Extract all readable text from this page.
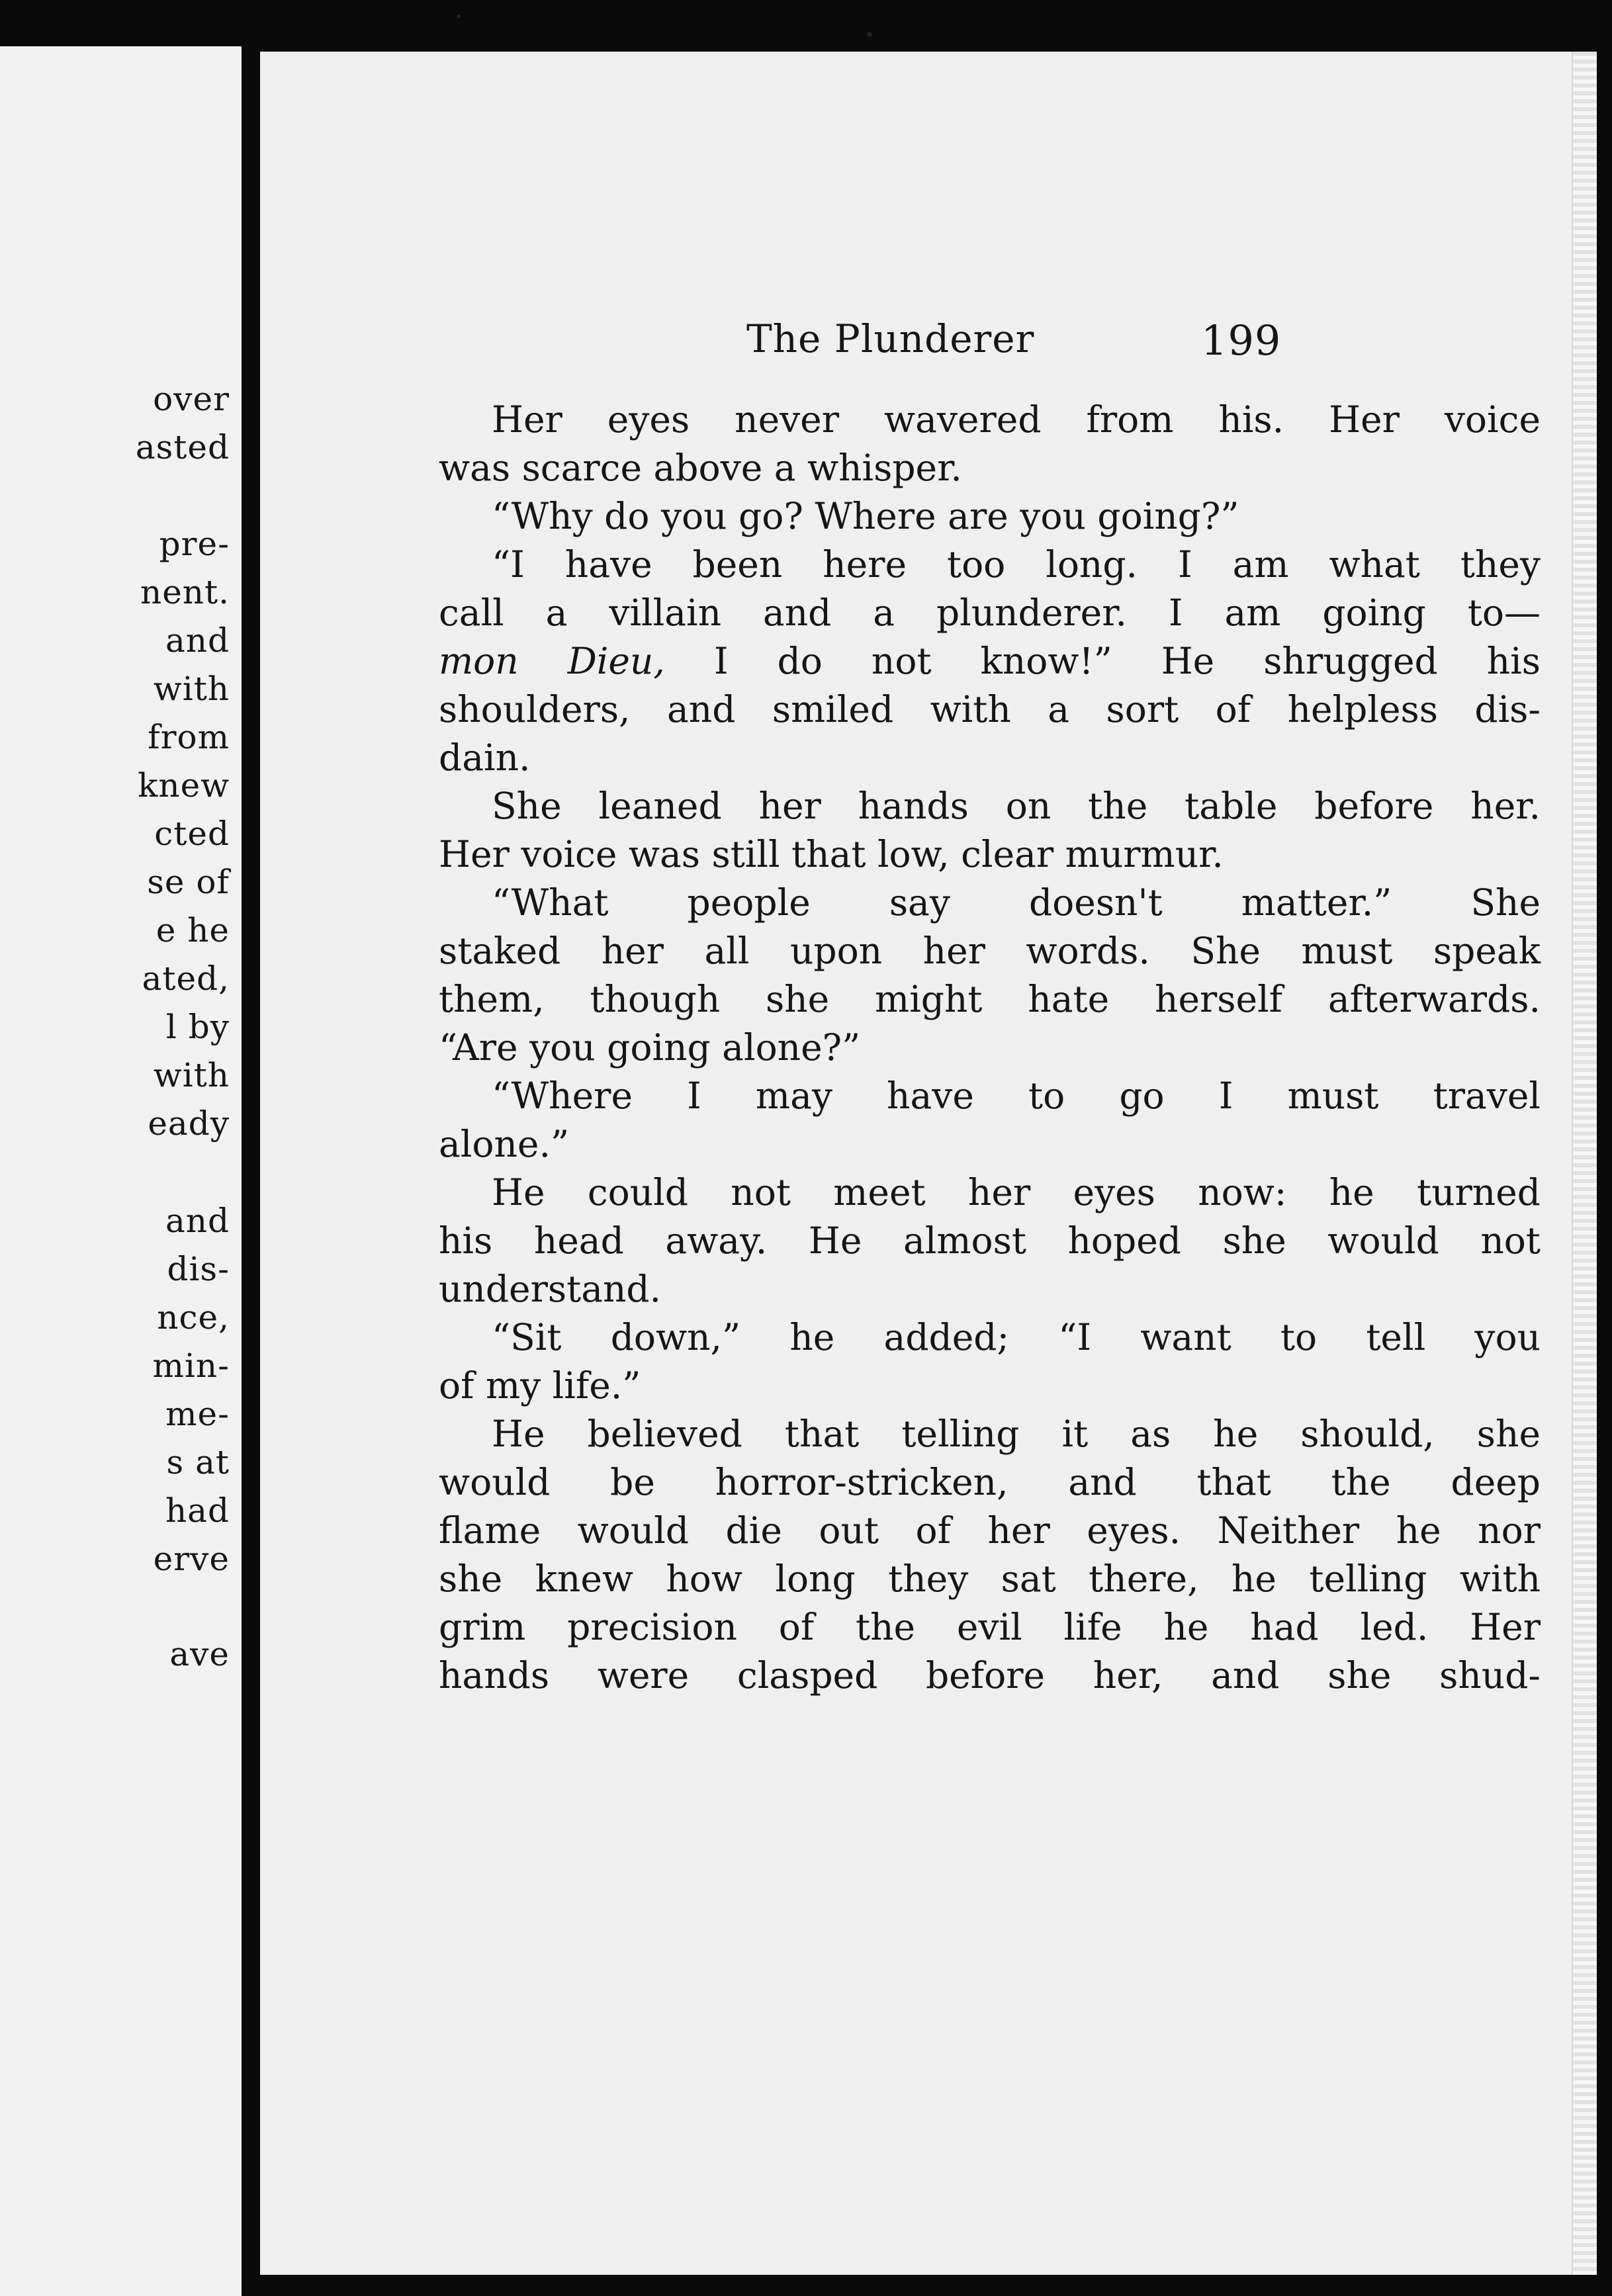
over
asted
pre-
nent.
and
with
from
knew
cted
se of
e he
ated,
l by
with
eady
and
dis-
nce,
min-
me-
s at
had
erve
ave
The Plunderer	199
Her eyes never wavered from his. Her voice
was scarce above a whisper.
“Why do you go? Where are you going?”
“I have been here too long. I am what they
call a villain and a plunderer. I am going to—
mon Dieu, I do not know!” He shrugged his
shoulders, and smiled with a sort of helpless dis-
dain.
She leaned her hands on the table before her.
Her voice was still that low, clear murmur.
“What people say doesn't matter.” She
staked her all upon her words. She must speak
them, though she might hate herself afterwards.
“Are you going alone?”
“Where I may have to go I must travel
alone.”
He could not meet her eyes now: he turned
his head away. He almost hoped she would not
understand.
“Sit down,” he added; “I want to tell you
of my life.”
He believed that telling it as he should, she
would be horror-stricken, and that the deep
flame would die out of her eyes. Neither he nor
she knew how long they sat there, he telling with
grim precision of the evil life he had led. Her
hands were clasped before her, and she shud-
